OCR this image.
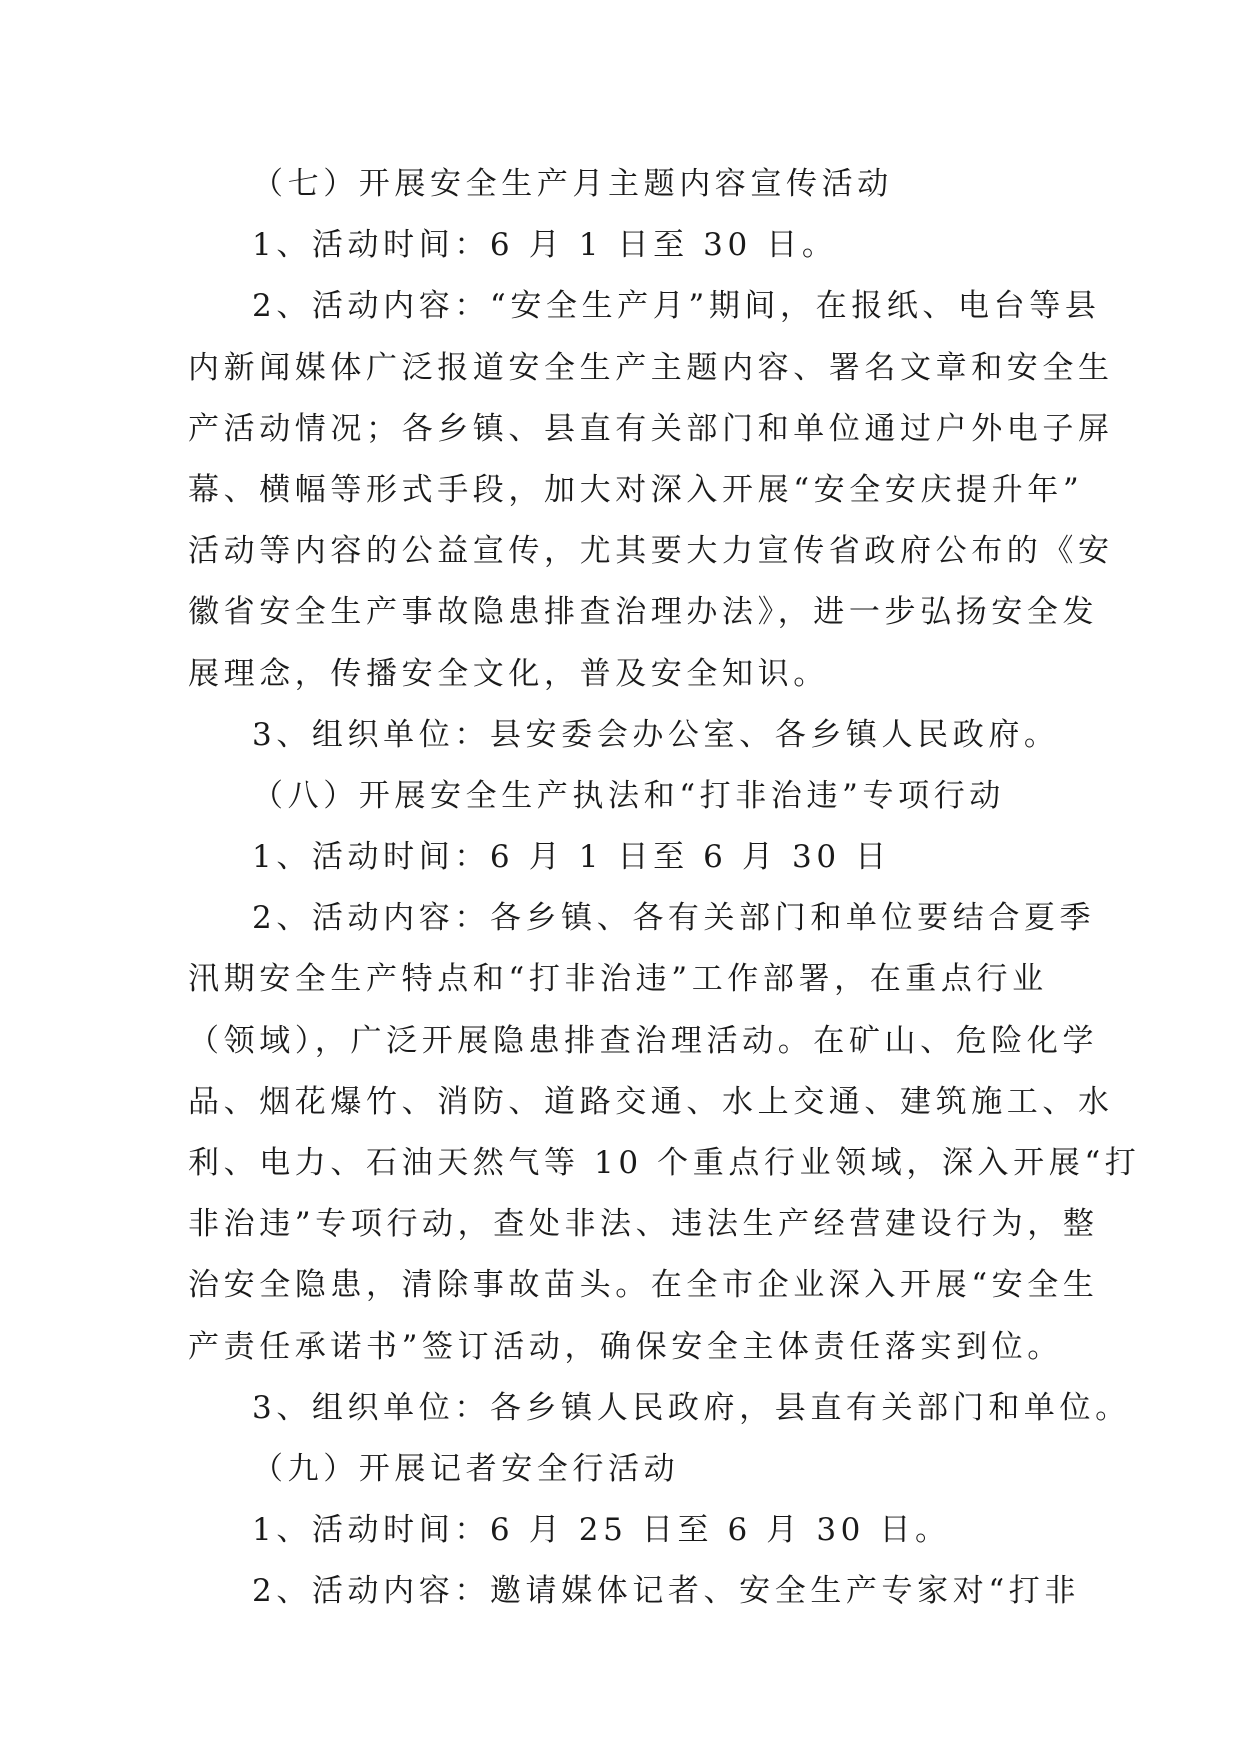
（七）开展安全生产月主题内容宣传活动
1、活动时间：6 月 1 日至 30 日。
2、活动内容：“安全生产月”期间，在报纸、电台等县
内新闻媒体广泛报道安全生产主题内容、署名文章和安全生
产活动情况；各乡镇、县直有关部门和单位通过户外电子屏
幕、横幅等形式手段，加大对深入开展“安全安庆提升年”
活动等内容的公益宣传，尤其要大力宣传省政府公布的《安
徽省安全生产事故隐患排查治理办法》，进一步弘扬安全发
展理念，传播安全文化，普及安全知识。
3、组织单位：县安委会办公室、各乡镇人民政府。
（八）开展安全生产执法和“打非治违”专项行动
1、活动时间：6 月 1 日至 6 月 30 日
2、活动内容：各乡镇、各有关部门和单位要结合夏季
汛期安全生产特点和“打非治违”工作部署，在重点行业
（领域），广泛开展隐患排查治理活动。在矿山、危险化学
品、烟花爆竹、消防、道路交通、水上交通、建筑施工、水
利、电力、石油天然气等 10 个重点行业领域，深入开展“打
非治违”专项行动，查处非法、违法生产经营建设行为，整
治安全隐患，清除事故苗头。在全市企业深入开展“安全生
产责任承诺书”签订活动，确保安全主体责任落实到位。
3、组织单位：各乡镇人民政府，县直有关部门和单位。
（九）开展记者安全行活动
1、活动时间：6 月 25 日至 6 月 30 日。
2、活动内容：邀请媒体记者、安全生产专家对“打非
